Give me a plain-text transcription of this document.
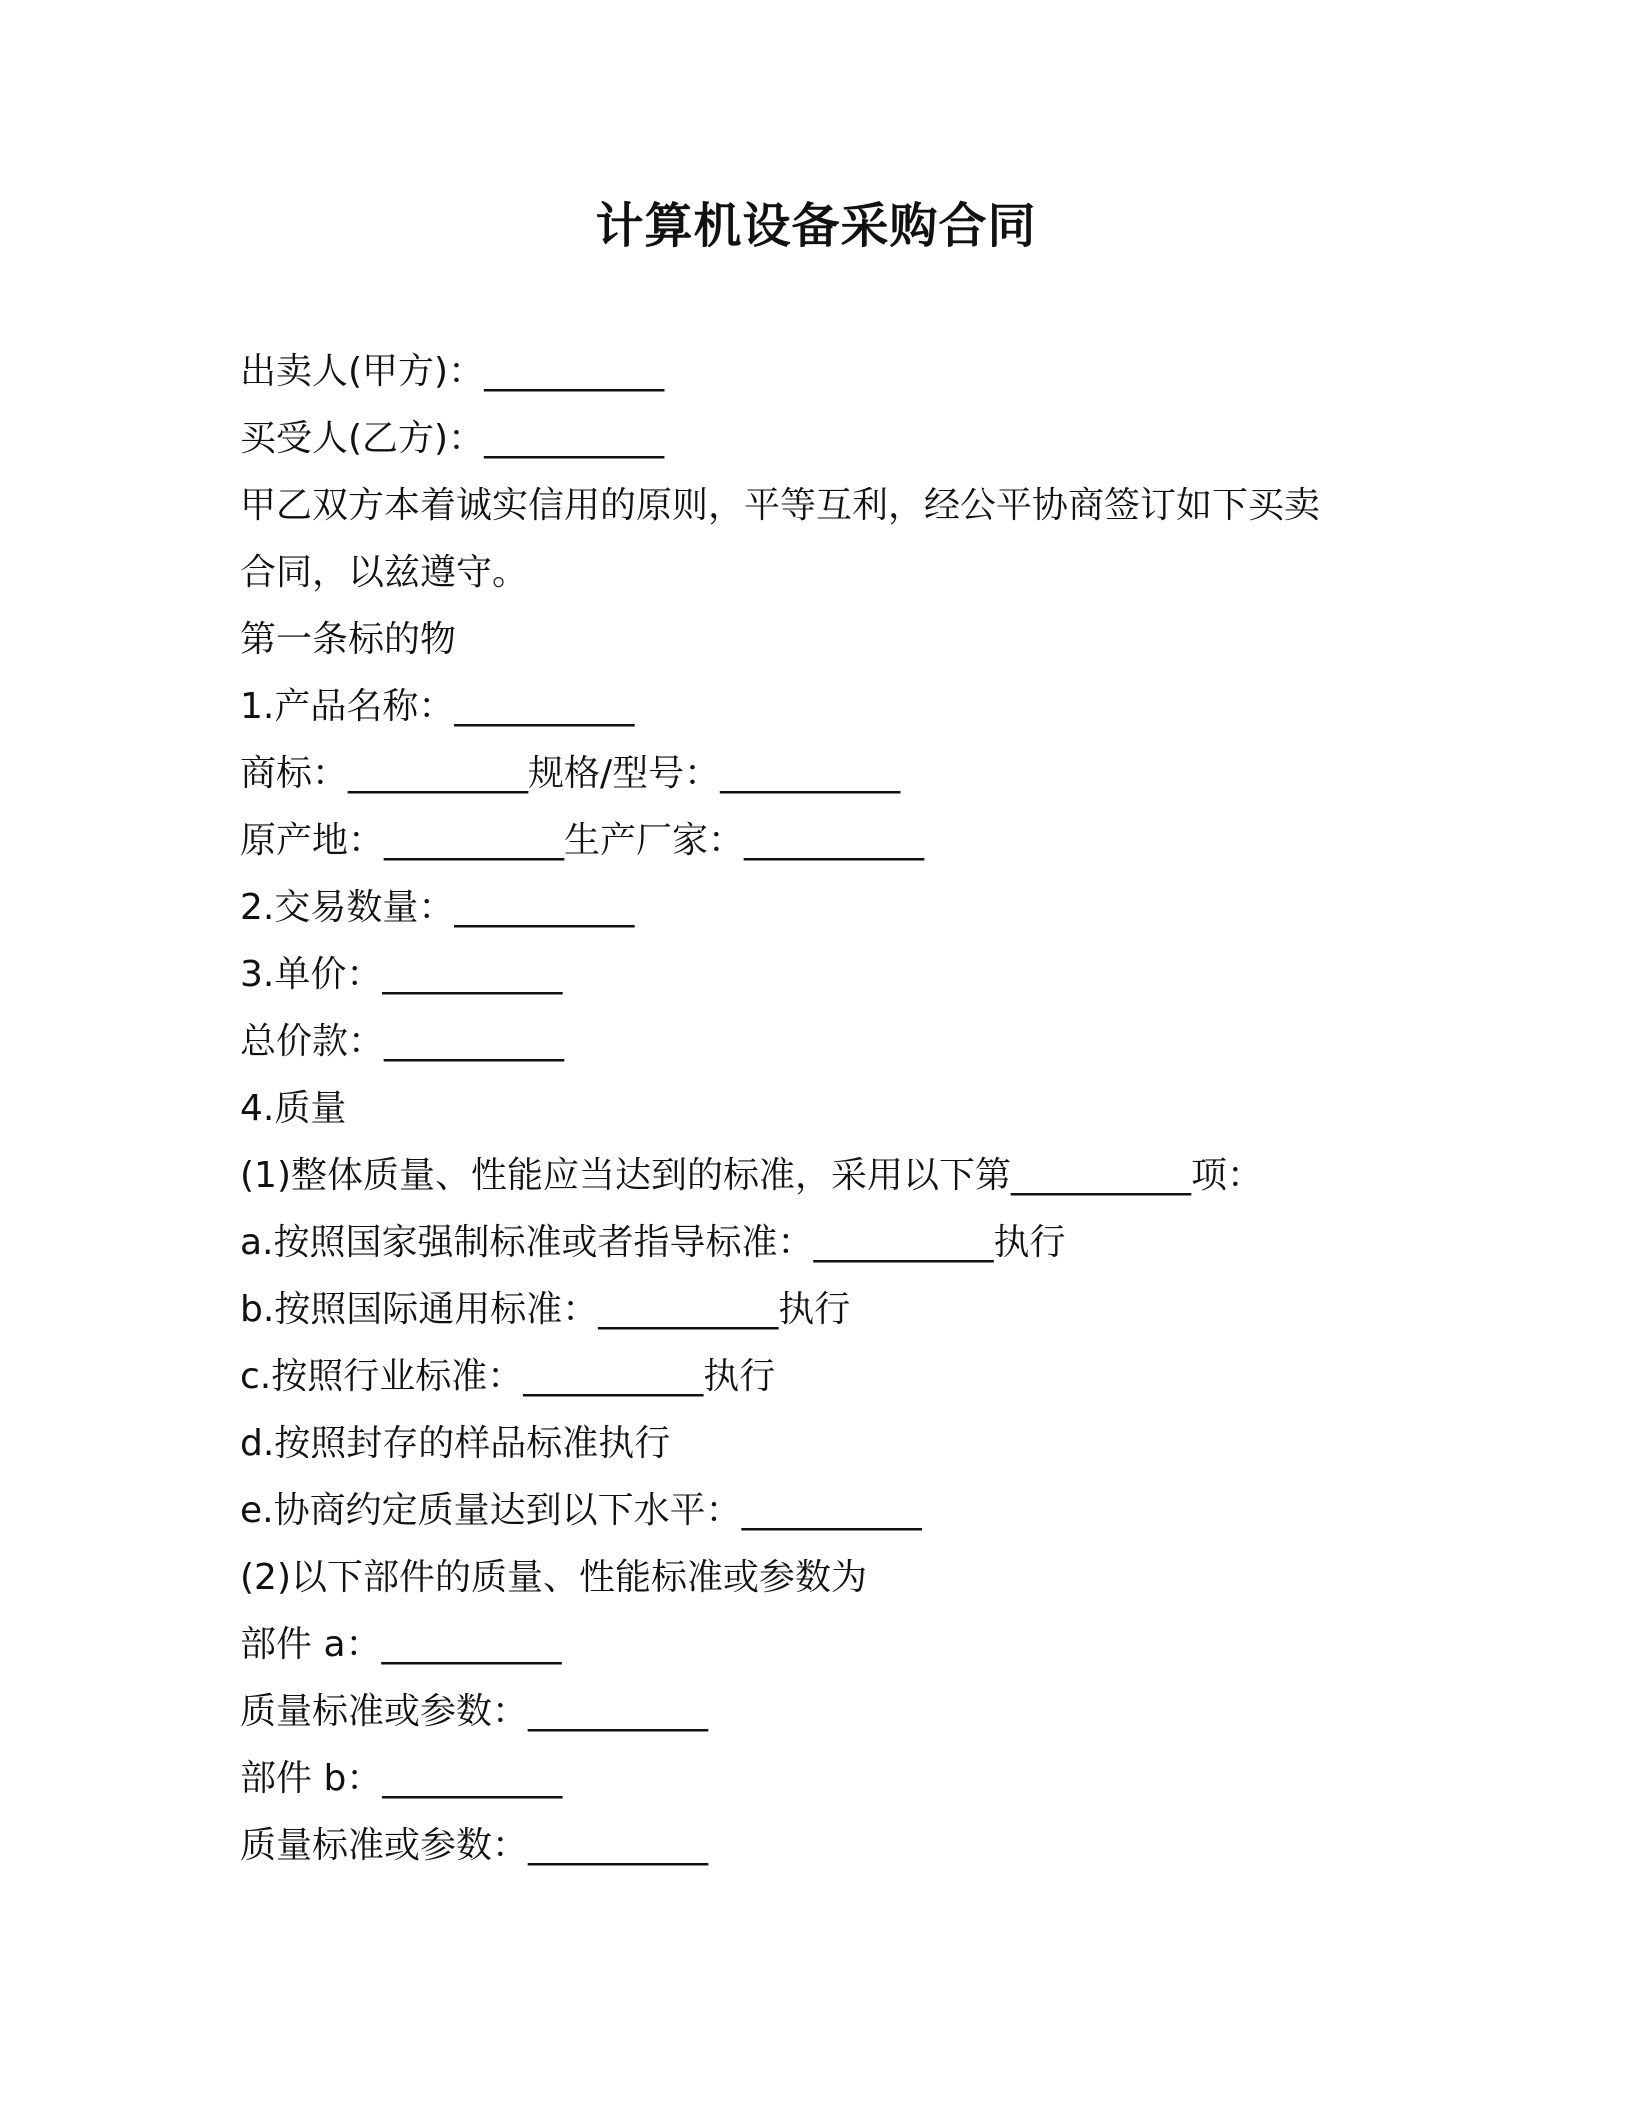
计算机设备采购合同
出卖人(甲方)：__________
买受人(乙方)：__________
甲乙双方本着诚实信用的原则，平等互利，经公平协商签订如下买卖
合同，以兹遵守。
第一条标的物
1.产品名称：__________
商标：__________规格/型号：__________
原产地：__________生产厂家：__________
2.交易数量：__________
3.单价：__________
总价款：__________
4.质量
(1)整体质量、性能应当达到的标准，采用以下第__________项：
a.按照国家强制标准或者指导标准：__________执行
b.按照国际通用标准：__________执行
c.按照行业标准：__________执行
d.按照封存的样品标准执行
e.协商约定质量达到以下水平：__________
(2)以下部件的质量、性能标准或参数为
部件 a：__________
质量标准或参数：__________
部件 b：__________
质量标准或参数：__________
